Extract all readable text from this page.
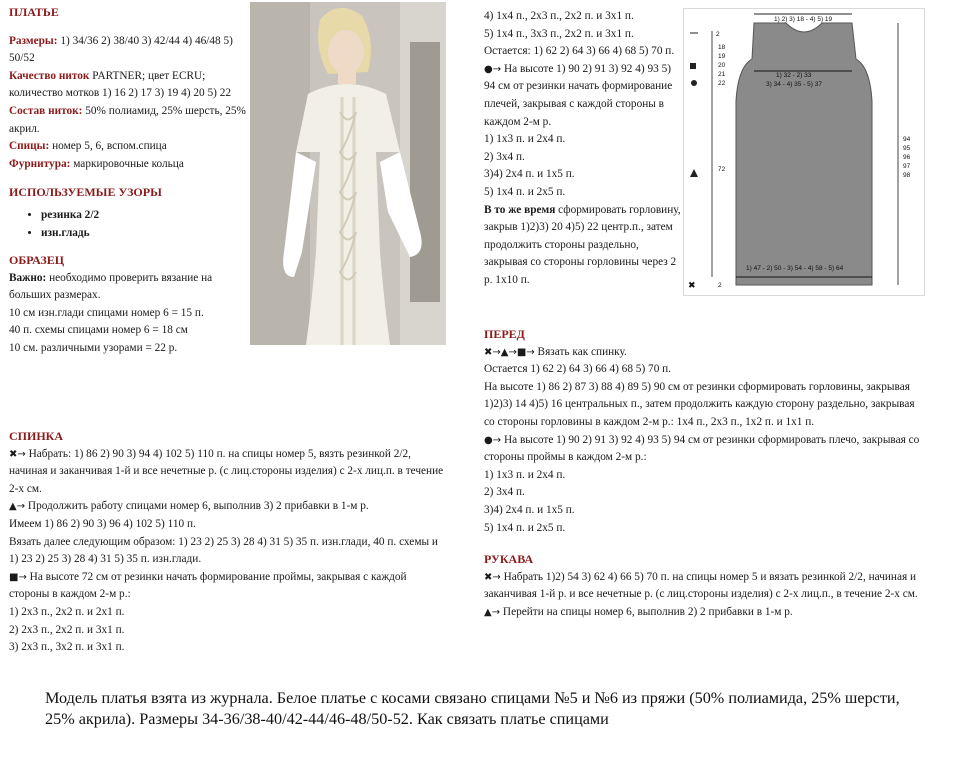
ПЛАТЬЕ

Размеры: 1) 34/36 2) 38/40 3) 42/44 4) 46/48 5) 50/52

Качество ниток PARTNER; цвет ECRU; количество мотков 1) 16 2) 17 3) 19 4) 20 5) 22

Состав ниток: 50% полиамид, 25% шерсть, 25% акрил.

Спицы: номер 5, 6, вспом.спица

Фурнитура: маркировочные кольца

ИСПОЛЬЗУЕМЫЕ УЗОРЫ

• резинка 2/2
• изн.гладь

ОБРАЗЕЦ

Важно: необходимо проверить вязание на больших размерах.

10 см изн.глади спицами номер 6 = 15 п.

40 п. схемы спицами номер 6 = 18 см

10 см. различными узорами = 22 р.

СПИНКА

✖→ Набрать: 1) 86 2) 90 3) 94 4) 102 5) 110 п. на спицы номер 5, вязть резинкой 2/2, начиная и заканчивая 1-й и все нечетные р. (с лиц.стороны изделия) с 2-х лиц.п. в течение 2-х см.

▲→ Продолжить работу спицами номер 6, выполнив 3) 2 прибавки в 1-м р.

Имеем 1) 86 2) 90 3) 96 4) 102 5) 110 п.

Вязать далее следующим образом: 1) 23 2) 25 3) 28 4) 31 5) 35 п. изн.глади, 40 п. схемы и 1) 23 2) 25 3) 28 4) 31 5) 35 п. изн.глади.

■→ На высоте 72 см от резинки начать формирование проймы, закрывая с каждой стороны в каждом 2-м р.:

1) 2x3 п., 2x2 п. и 2x1 п.

2) 2x3 п., 2x2 п. и 3x1 п.

3) 2x3 п., 3x2 п. и 3x1 п.

4) 1x4 п., 2x3 п., 2x2 п. и 3x1 п.

5) 1x4 п., 3x3 п., 2x2 п. и 3x1 п.

Остается: 1) 62 2) 64 3) 66 4) 68 5) 70 п.

●→ На высоте 1) 90 2) 91 3) 92 4) 93 5) 94 см от резинки начать формирование плечей, закрывая с каждой стороны в каждом 2-м р.

1) 1x3 п. и 2x4 п.

2) 3x4 п.

3)4) 2x4 п. и 1x5 п.

5) 1x4 п. и 2x5 п.

В то же время сформировать горловину, закрыв 1)2)3) 20 4)5) 22 центр.п., затем продолжить стороны раздельно, закрывая со стороны горловины через 2 р. 1x10 п.

1) 2) 3) 18 - 4) 5) 19
2
18
19
20
21
22
1) 32 - 2) 33
3) 34 - 4) 35 - 5) 37
94
95
96
97
98
72
1) 47 - 2) 50 - 3) 54 - 4) 58 - 5) 64
2
✖

ПЕРЕД

✖→▲→■→ Вязать как спинку.

Остается 1) 62 2) 64 3) 66 4) 68 5) 70 п.

На высоте 1) 86 2) 87 3) 88 4) 89 5) 90 см от резинки сформировать горловины, закрывая 1)2)3) 14 4)5) 16 центральных п., затем продолжить каждую сторону раздельно, закрывая со стороны горловины в каждом 2-м р.: 1x4 п., 2x3 п., 1x2 п. и 1x1 п.

●→ На высоте 1) 90 2) 91 3) 92 4) 93 5) 94 см от резинки сформировать плечо, закрывая со стороны проймы в каждом 2-м р.:

1) 1x3 п. и 2x4 п.

2) 3x4 п.

3)4) 2x4 п. и 1x5 п.

5) 1x4 п. и 2x5 п.

РУКАВА

✖→ Набрать 1)2) 54 3) 62 4) 66 5) 70 п. на спицы номер 5 и вязать резинкой 2/2, начиная и заканчивая 1-й р. и все нечетные р. (с лиц.стороны изделия) с 2-х лиц.п., в течение 2-х см.

▲→ Перейти на спицы номер 6, выполнив 2) 2 прибавки в 1-м р.

Модель платья взята из журнала. Белое платье с косами связано спицами №5 и №6 из пряжи (50% полиамида, 25% шерсти, 25% акрила). Размеры 34-36/38-40/42-44/46-48/50-52. Как связать платье спицами
